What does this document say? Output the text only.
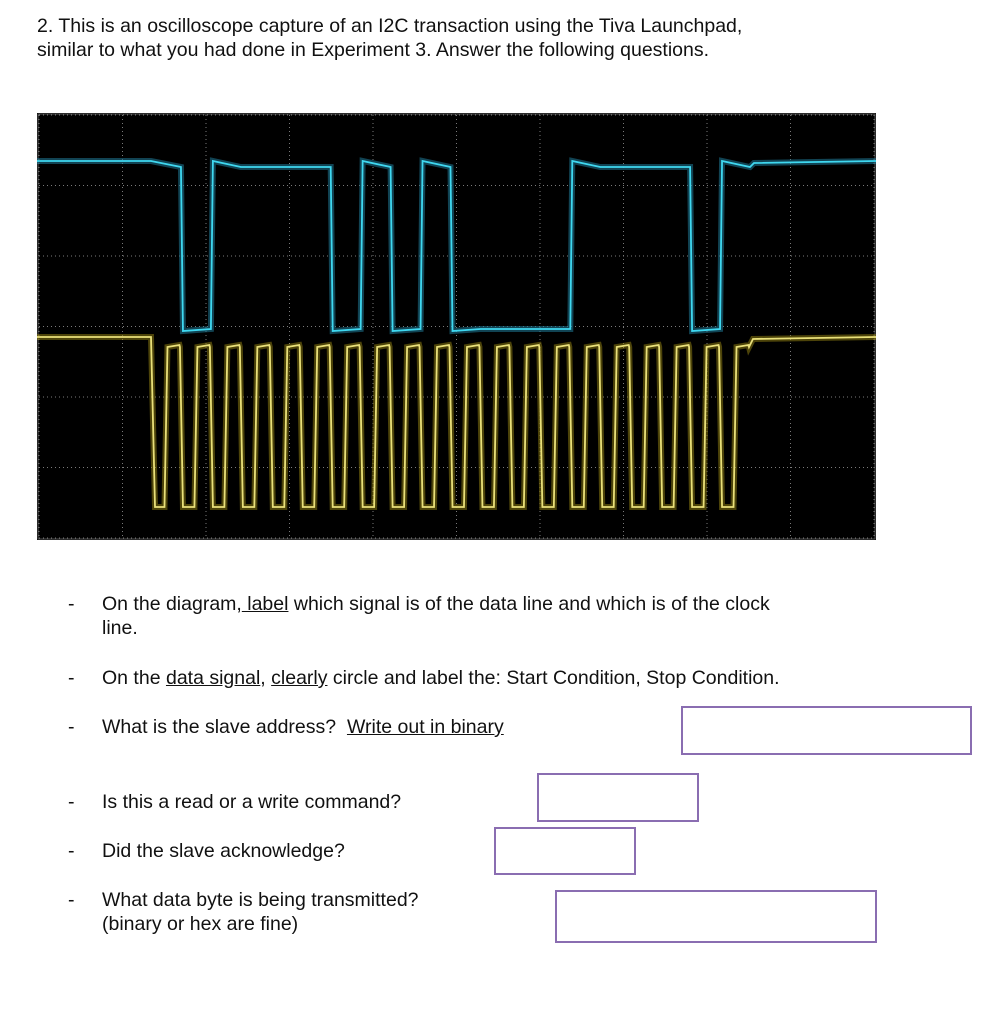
2. This is an oscilloscope capture of an I2C transaction using the Tiva Launchpad,
similar to what you had done in Experiment 3. Answer the following questions.
- On the diagram, label which signal is of the data line and which is of the clock
line.
- On the data signal, clearly circle and label the: Start Condition, Stop Condition.
- What is the slave address?  Write out in binary
- Is this a read or a write command?
- Did the slave acknowledge?
- What data byte is being transmitted?
(binary or hex are fine)
